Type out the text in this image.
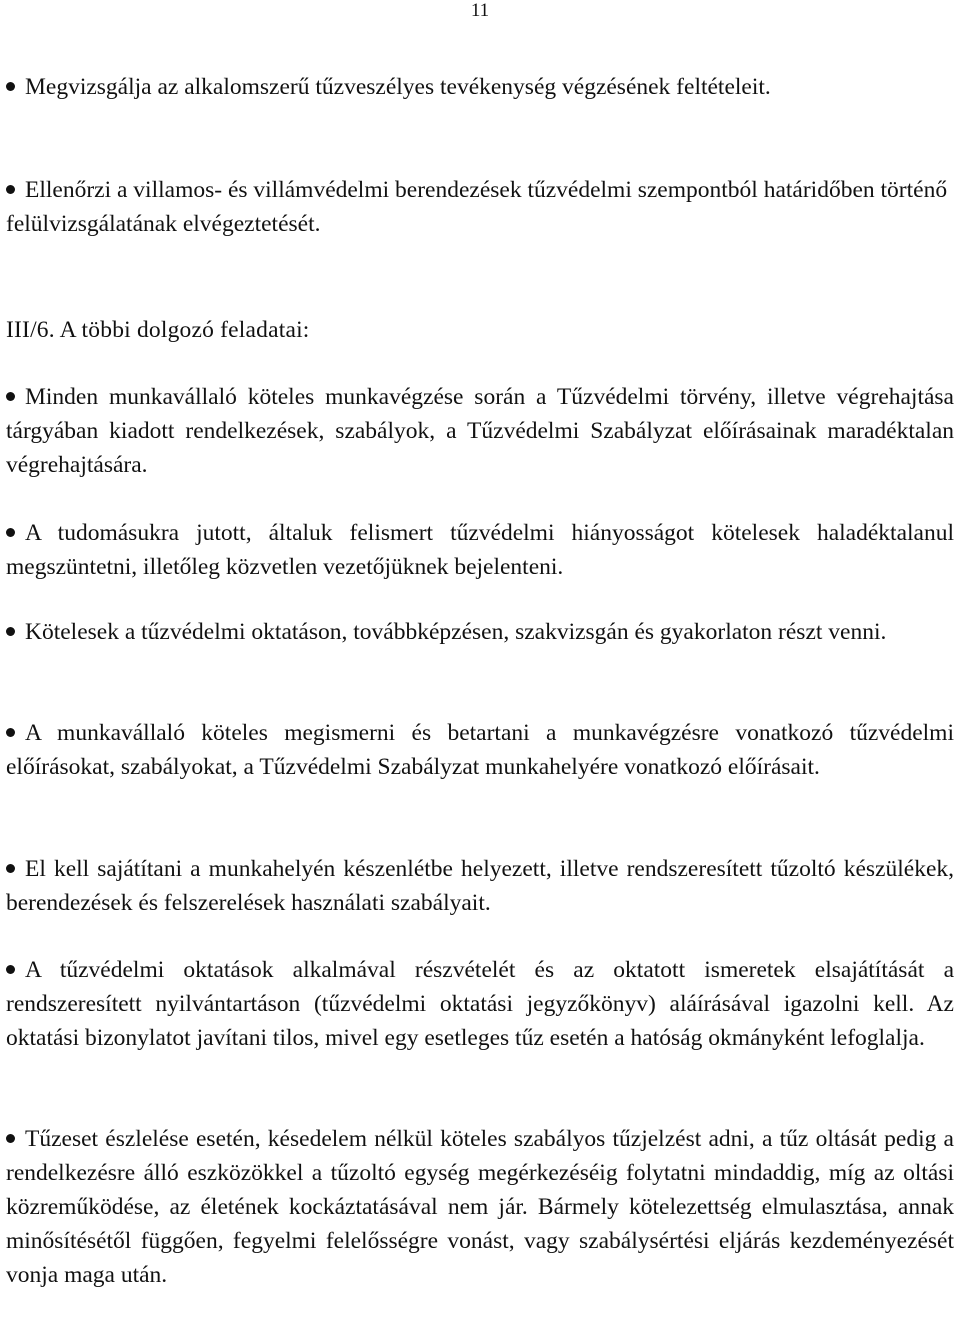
11
Megvizsgálja az alkalomszerű tűzveszélyes tevékenység végzésének feltételeit.
Ellenőrzi a villamos- és villámvédelmi berendezések tűzvédelmi szempontból határidőben történő felülvizsgálatának elvégeztetését.
III/6. A többi dolgozó feladatai:
Minden munkavállaló köteles munkavégzése során a Tűzvédelmi törvény, illetve végrehajtása tárgyában kiadott rendelkezések, szabályok, a Tűzvédelmi Szabályzat előírásainak maradéktalan végrehajtására.
A tudomásukra jutott, általuk felismert tűzvédelmi hiányosságot kötelesek haladéktalanul megszüntetni, illetőleg közvetlen vezetőjüknek bejelenteni.
Kötelesek a tűzvédelmi oktatáson, továbbképzésen, szakvizsgán és gyakorlaton részt venni.
A munkavállaló köteles megismerni és betartani a munkavégzésre vonatkozó tűzvédelmi előírásokat, szabályokat, a Tűzvédelmi Szabályzat munkahelyére vonatkozó előírásait.
El kell sajátítani a munkahelyén készenlétbe helyezett, illetve rendszeresített tűzoltó készülékek, berendezések és felszerelések használati szabályait.
A tűzvédelmi oktatások alkalmával részvételét és az oktatott ismeretek elsajátítását a rendszeresített nyilvántartáson (tűzvédelmi oktatási jegyzőkönyv) aláírásával igazolni kell. Az oktatási bizonylatot javítani tilos, mivel egy esetleges tűz esetén a hatóság okmányként lefoglalja.
Tűzeset észlelése esetén, késedelem nélkül köteles szabályos tűzjelzést adni, a tűz oltását pedig a rendelkezésre álló eszközökkel a tűzoltó egység megérkezéséig folytatni mindaddig, míg az oltási közreműködése, az életének kockáztatásával nem jár. Bármely kötelezettség elmulasztása, annak minősítésétől függően, fegyelmi felelősségre vonást, vagy szabálysértési eljárás kezdeményezését vonja maga után.
